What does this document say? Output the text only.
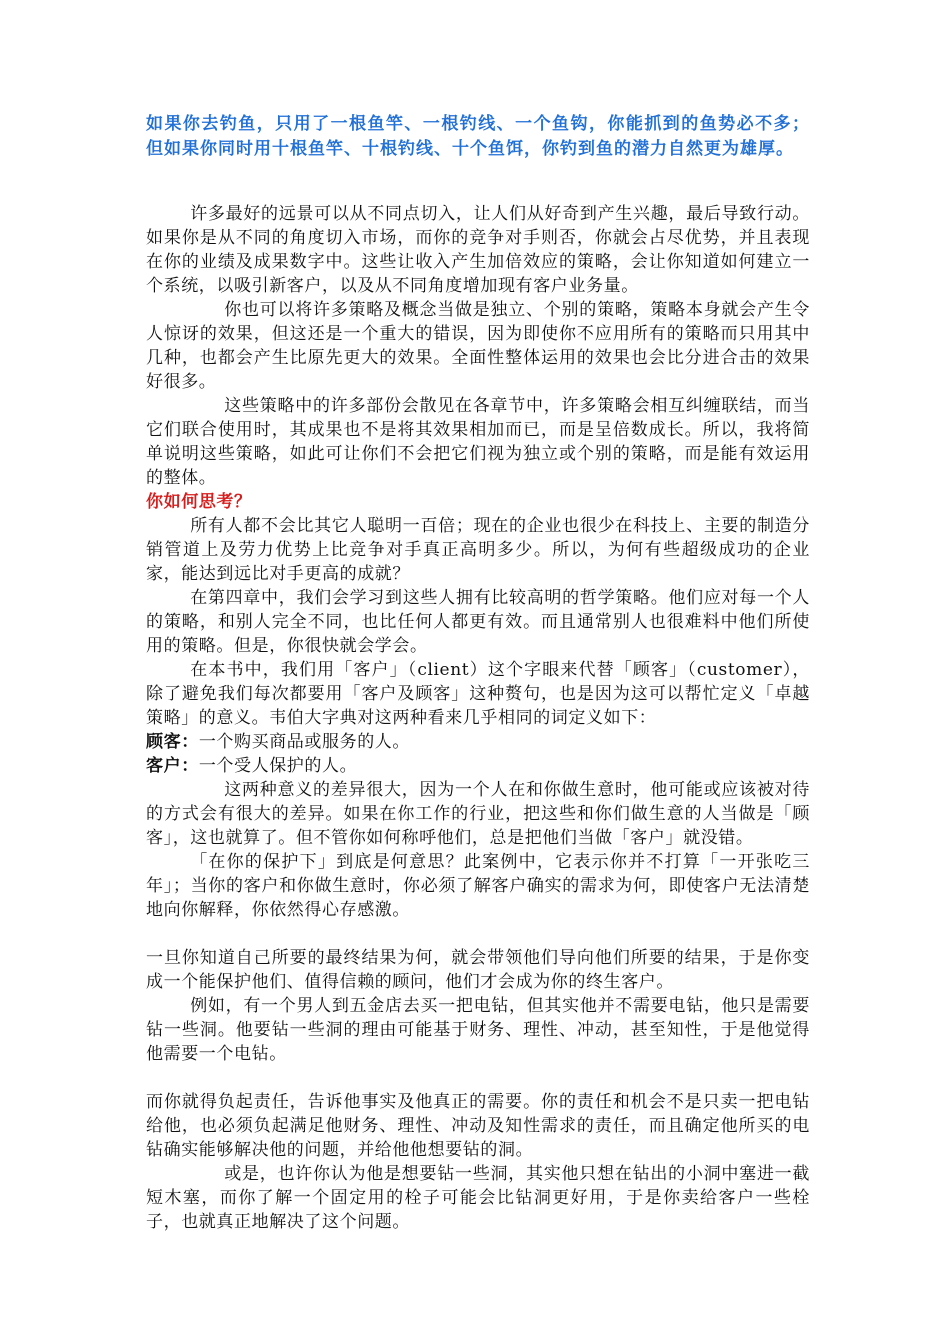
如果你去钓鱼，只用了一根鱼竿、一根钓线、一个鱼钩，你能抓到的鱼势必不多；但如果你同时用十根鱼竿、十根钓线、十个鱼饵，你钓到鱼的潜力自然更为雄厚。

许多最好的远景可以从不同点切入，让人们从好奇到产生兴趣，最后导致行动。如果你是从不同的角度切入市场，而你的竞争对手则否，你就会占尽优势，并且表现在你的业绩及成果数字中。这些让收入产生加倍效应的策略，会让你知道如何建立一个系统，以吸引新客户，以及从不同角度增加现有客户业务量。

你也可以将许多策略及概念当做是独立、个别的策略，策略本身就会产生令人惊讶的效果，但这还是一个重大的错误，因为即使你不应用所有的策略而只用其中几种，也都会产生比原先更大的效果。全面性整体运用的效果也会比分进合击的效果好很多。

这些策略中的许多部份会散见在各章节中，许多策略会相互纠缠联结，而当它们联合使用时，其成果也不是将其效果相加而已，而是呈倍数成长。所以，我将简单说明这些策略，如此可让你们不会把它们视为独立或个别的策略，而是能有效运用的整体。

你如何思考？

所有人都不会比其它人聪明一百倍；现在的企业也很少在科技上、主要的制造分销管道上及劳力优势上比竞争对手真正高明多少。所以，为何有些超级成功的企业家，能达到远比对手更高的成就？

在第四章中，我们会学习到这些人拥有比较高明的哲学策略。他们应对每一个人的策略，和别人完全不同，也比任何人都更有效。而且通常别人也很难料中他们所使用的策略。但是，你很快就会学会。

在本书中，我们用「客户」（client）这个字眼来代替「顾客」（customer），除了避免我们每次都要用「客户及顾客」这种赘句，也是因为这可以帮忙定义「卓越策略」的意义。韦伯大字典对这两种看来几乎相同的词定义如下：

顾客：一个购买商品或服务的人。

客户：一个受人保护的人。

这两种意义的差异很大，因为一个人在和你做生意时，他可能或应该被对待的方式会有很大的差异。如果在你工作的行业，把这些和你们做生意的人当做是「顾客」，这也就算了。但不管你如何称呼他们，总是把他们当做「客户」就没错。

「在你的保护下」到底是何意思？此案例中，它表示你并不打算「一开张吃三年」；当你的客户和你做生意时，你必须了解客户确实的需求为何，即使客户无法清楚地向你解释，你依然得心存感激。

一旦你知道自己所要的最终结果为何，就会带领他们导向他们所要的结果，于是你变成一个能保护他们、值得信赖的顾问，他们才会成为你的终生客户。

例如，有一个男人到五金店去买一把电钻，但其实他并不需要电钻，他只是需要钻一些洞。他要钻一些洞的理由可能基于财务、理性、冲动，甚至知性，于是他觉得他需要一个电钻。

而你就得负起责任，告诉他事实及他真正的需要。你的责任和机会不是只卖一把电钻给他，也必须负起满足他财务、理性、冲动及知性需求的责任，而且确定他所买的电钻确实能够解决他的问题，并给他他想要钻的洞。

或是，也许你认为他是想要钻一些洞，其实他只想在钻出的小洞中塞进一截短木塞，而你了解一个固定用的栓子可能会比钻洞更好用，于是你卖给客户一些栓子，也就真正地解决了这个问题。
